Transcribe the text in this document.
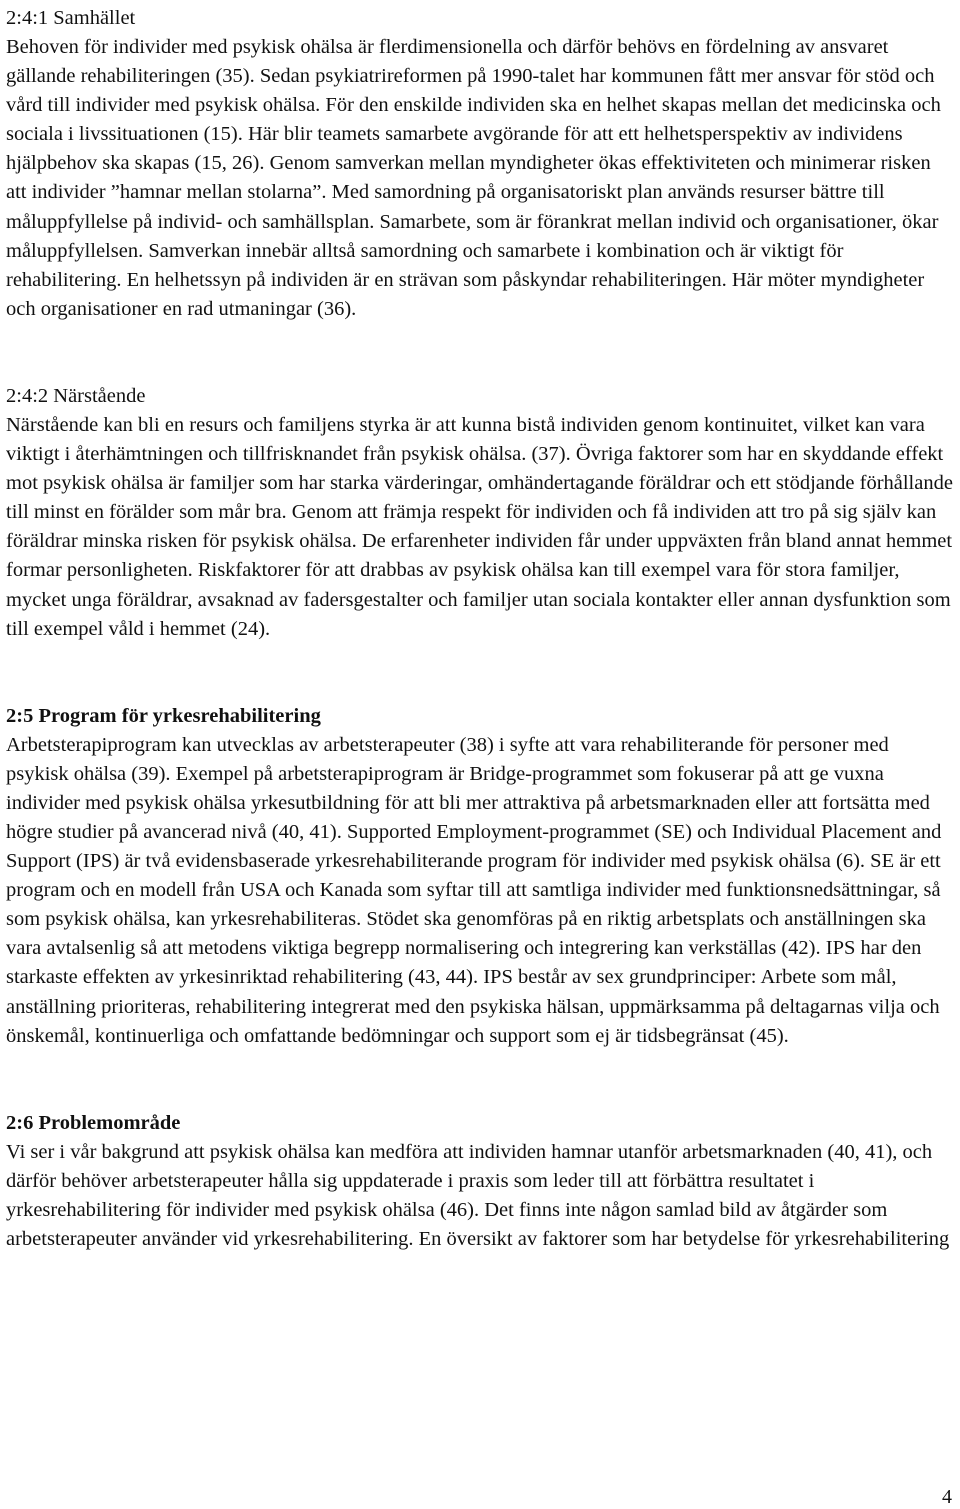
2:4:1 Samhället

Behoven för individer med psykisk ohälsa är flerdimensionella och därför behövs en fördelning av ansvaret gällande rehabiliteringen (35). Sedan psykiatrireformen på 1990-talet har kommunen fått mer ansvar för stöd och vård till individer med psykisk ohälsa. För den enskilde individen ska en helhet skapas mellan det medicinska och sociala i livssituationen (15). Här blir teamets samarbete avgörande för att ett helhetsperspektiv av individens hjälpbehov ska skapas (15, 26). Genom samverkan mellan myndigheter ökas effektiviteten och minimerar risken att individer ”hamnar mellan stolarna”. Med samordning på organisatoriskt plan används resurser bättre till måluppfyllelse på individ- och samhällsplan. Samarbete, som är förankrat mellan individ och organisationer, ökar måluppfyllelsen. Samverkan innebär alltså samordning och samarbete i kombination och är viktigt för rehabilitering. En helhetssyn på individen är en strävan som påskyndar rehabiliteringen. Här möter myndigheter och organisationer en rad utmaningar (36).

2:4:2 Närstående

Närstående kan bli en resurs och familjens styrka är att kunna bistå individen genom kontinuitet, vilket kan vara viktigt i återhämtningen och tillfrisknandet från psykisk ohälsa. (37). Övriga faktorer som har en skyddande effekt mot psykisk ohälsa är familjer som har starka värderingar, omhändertagande föräldrar och ett stödjande förhållande till minst en förälder som mår bra. Genom att främja respekt för individen och få individen att tro på sig själv kan föräldrar minska risken för psykisk ohälsa. De erfarenheter individen får under uppväxten från bland annat hemmet formar personligheten. Riskfaktorer för att drabbas av psykisk ohälsa kan till exempel vara för stora familjer, mycket unga föräldrar, avsaknad av fadersgestalter och familjer utan sociala kontakter eller annan dysfunktion som till exempel våld i hemmet (24).

2:5 Program för yrkesrehabilitering

Arbetsterapiprogram kan utvecklas av arbetsterapeuter (38) i syfte att vara rehabiliterande för personer med psykisk ohälsa (39). Exempel på arbetsterapiprogram är Bridge-programmet som fokuserar på att ge vuxna individer med psykisk ohälsa yrkesutbildning för att bli mer attraktiva på arbetsmarknaden eller att fortsätta med högre studier på avancerad nivå (40, 41). Supported Employment-programmet (SE) och Individual Placement and Support (IPS) är två evidensbaserade yrkesrehabiliterande program för individer med psykisk ohälsa (6). SE är ett program och en modell från USA och Kanada som syftar till att samtliga individer med funktionsnedsättningar, så som psykisk ohälsa, kan yrkesrehabiliteras. Stödet ska genomföras på en riktig arbetsplats och anställningen ska vara avtalsenlig så att metodens viktiga begrepp normalisering och integrering kan verkställas (42). IPS har den starkaste effekten av yrkesinriktad rehabilitering (43, 44). IPS består av sex grundprinciper: Arbete som mål, anställning prioriteras, rehabilitering integrerat med den psykiska hälsan, uppmärksamma på deltagarnas vilja och önskemål, kontinuerliga och omfattande bedömningar och support som ej är tidsbegränsat (45).

2:6 Problemområde

Vi ser i vår bakgrund att psykisk ohälsa kan medföra att individen hamnar utanför arbetsmarknaden (40, 41), och därför behöver arbetsterapeuter hålla sig uppdaterade i praxis som leder till att förbättra resultatet i yrkesrehabilitering för individer med psykisk ohälsa (46). Det finns inte någon samlad bild av åtgärder som arbetsterapeuter använder vid yrkesrehabilitering. En översikt av faktorer som har betydelse för yrkesrehabilitering

4
